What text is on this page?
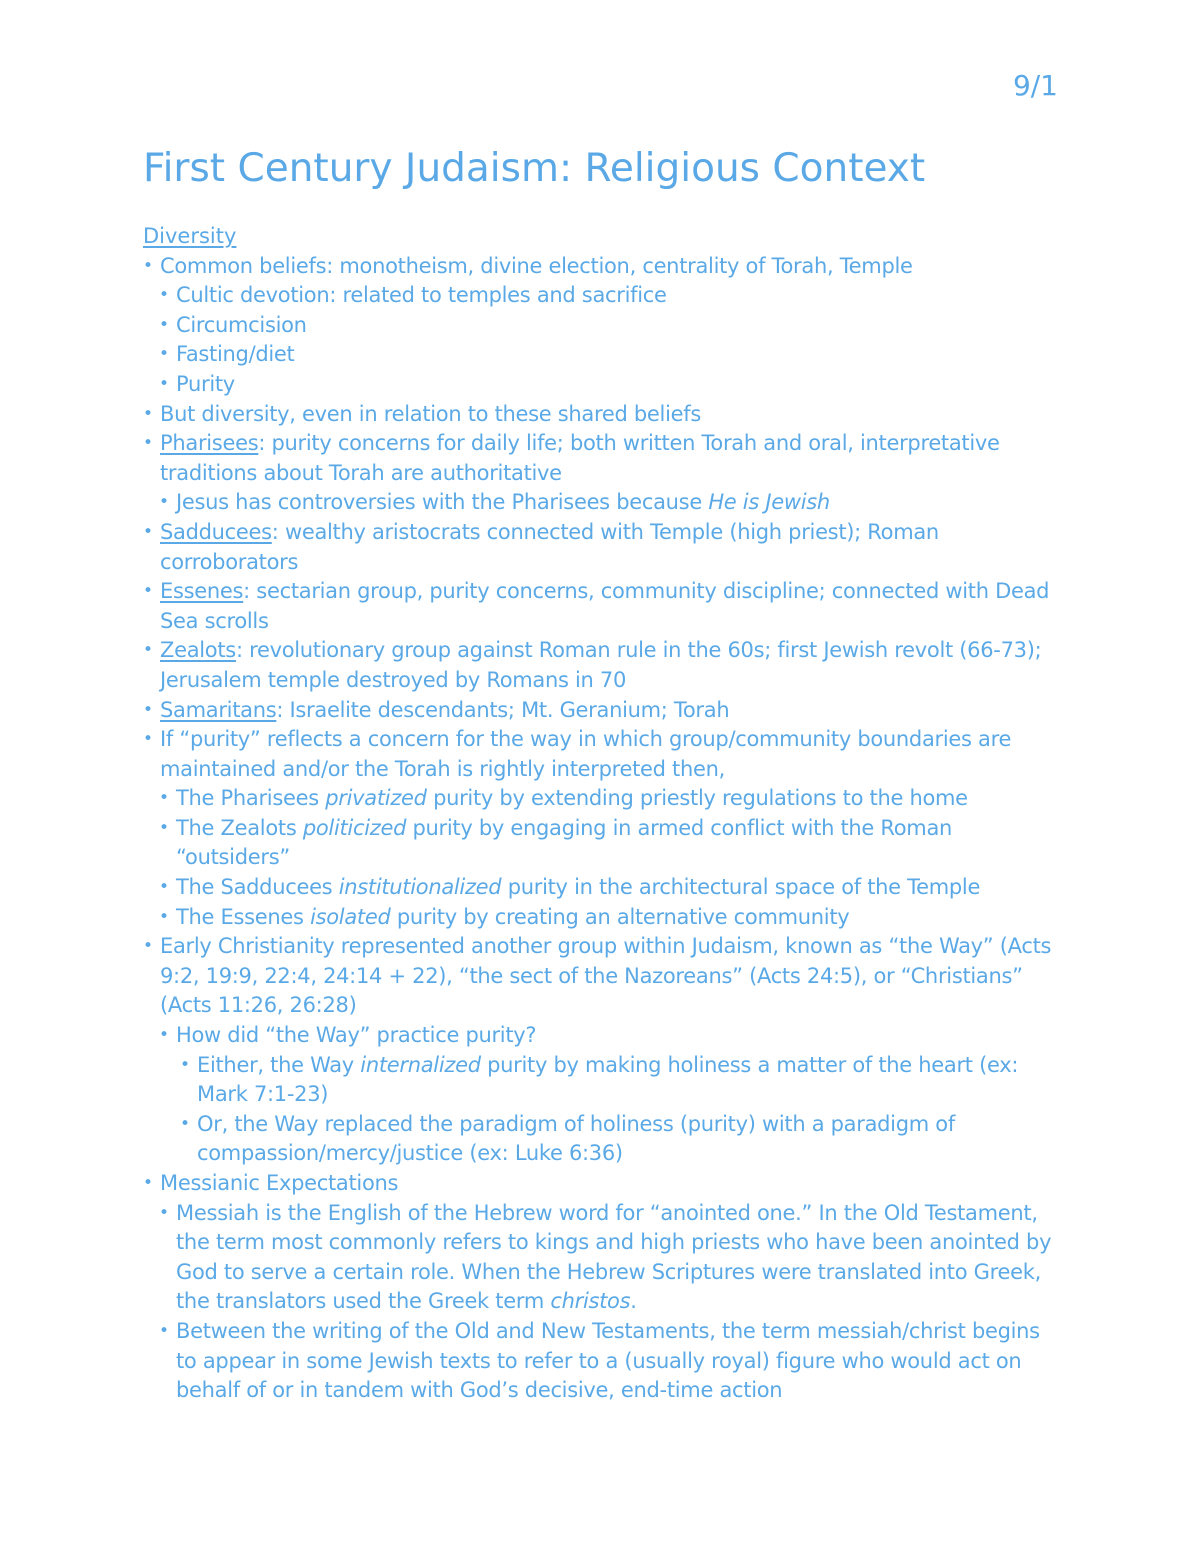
9/1
First Century Judaism: Religious Context
Diversity
• Common beliefs: monotheism, divine election, centrality of Torah, Temple
• Cultic devotion: related to temples and sacrifice
• Circumcision
• Fasting/diet
• Purity
• But diversity, even in relation to these shared beliefs
• Pharisees: purity concerns for daily life; both written Torah and oral, interpretative traditions about Torah are authoritative
• Jesus has controversies with the Pharisees because He is Jewish
• Sadducees: wealthy aristocrats connected with Temple (high priest); Roman corroborators
• Essenes: sectarian group, purity concerns, community discipline; connected with Dead Sea scrolls
• Zealots: revolutionary group against Roman rule in the 60s; first Jewish revolt (66-73); Jerusalem temple destroyed by Romans in 70
• Samaritans: Israelite descendants; Mt. Geranium; Torah
• If “purity” reflects a concern for the way in which group/community boundaries are maintained and/or the Torah is rightly interpreted then,
• The Pharisees privatized purity by extending priestly regulations to the home
• The Zealots politicized purity by engaging in armed conflict with the Roman “outsiders”
• The Sadducees institutionalized purity in the architectural space of the Temple
• The Essenes isolated purity by creating an alternative community
• Early Christianity represented another group within Judaism, known as “the Way” (Acts 9:2, 19:9, 22:4, 24:14 + 22), “the sect of the Nazoreans” (Acts 24:5), or “Christians” (Acts 11:26, 26:28)
• How did “the Way” practice purity?
• Either, the Way internalized purity by making holiness a matter of the heart (ex: Mark 7:1-23)
• Or, the Way replaced the paradigm of holiness (purity) with a paradigm of compassion/mercy/justice (ex: Luke 6:36)
• Messianic Expectations
• Messiah is the English of the Hebrew word for “anointed one.” In the Old Testament, the term most commonly refers to kings and high priests who have been anointed by God to serve a certain role. When the Hebrew Scriptures were translated into Greek, the translators used the Greek term christos.
• Between the writing of the Old and New Testaments, the term messiah/christ begins to appear in some Jewish texts to refer to a (usually royal) figure who would act on behalf of or in tandem with God’s decisive, end-time action
